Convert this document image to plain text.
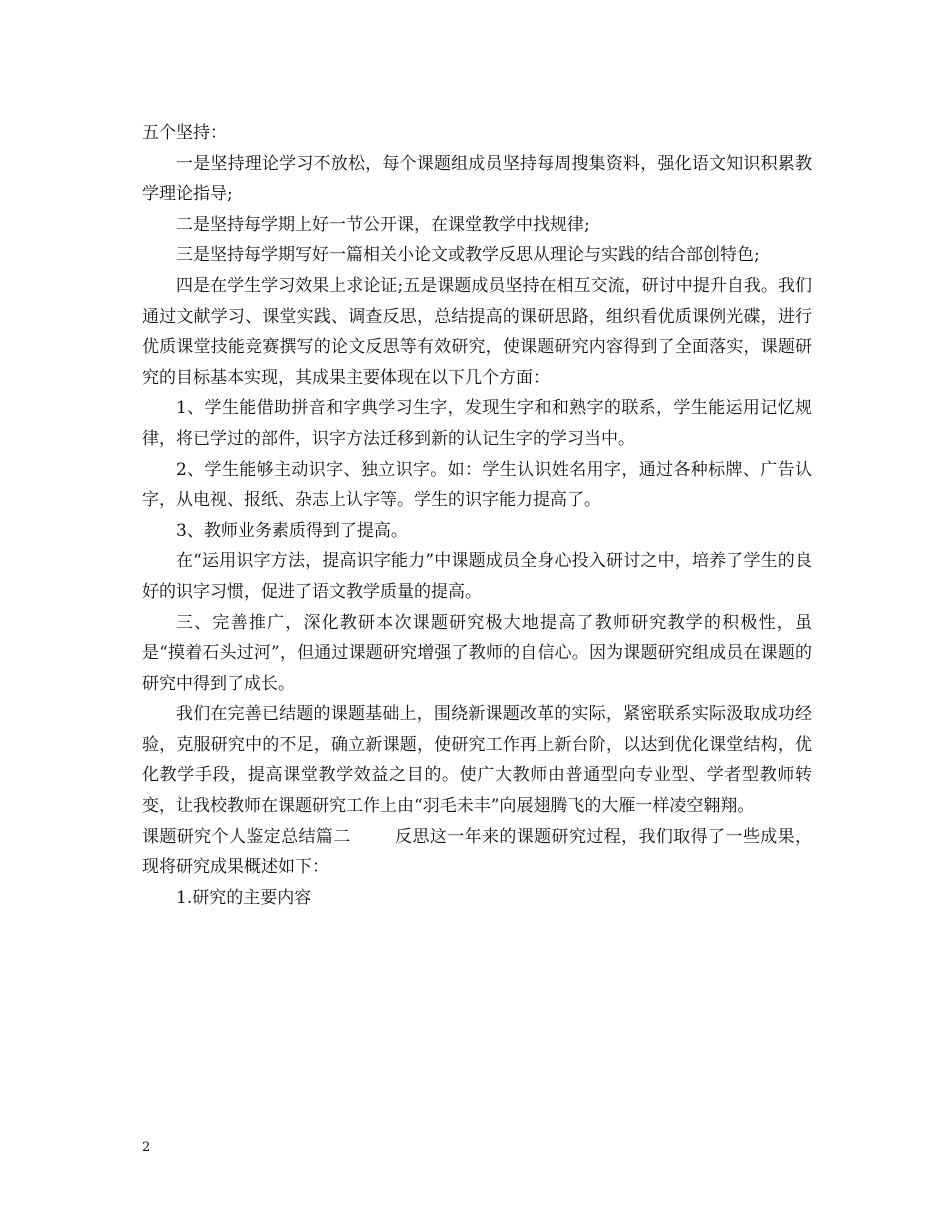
五个坚持：

一是坚持理论学习不放松，每个课题组成员坚持每周搜集资料，强化语文知识积累教学理论指导;

二是坚持每学期上好一节公开课，在课堂教学中找规律;

三是坚持每学期写好一篇相关小论文或教学反思从理论与实践的结合部创特色;

四是在学生学习效果上求论证;五是课题成员坚持在相互交流，研讨中提升自我。我们通过文献学习、课堂实践、调查反思，总结提高的课研思路，组织看优质课例光碟，进行优质课堂技能竞赛撰写的论文反思等有效研究，使课题研究内容得到了全面落实，课题研究的目标基本实现，其成果主要体现在以下几个方面：

1、学生能借助拼音和字典学习生字，发现生字和和熟字的联系，学生能运用记忆规律，将已学过的部件，识字方法迁移到新的认记生字的学习当中。

2、学生能够主动识字、独立识字。如：学生认识姓名用字，通过各种标牌、广告认字，从电视、报纸、杂志上认字等。学生的识字能力提高了。

3、教师业务素质得到了提高。

在“运用识字方法，提高识字能力”中课题成员全身心投入研讨之中，培养了学生的良好的识字习惯，促进了语文教学质量的提高。

三、完善推广，深化教研本次课题研究极大地提高了教师研究教学的积极性，虽是“摸着石头过河”，但通过课题研究增强了教师的自信心。因为课题研究组成员在课题的研究中得到了成长。

我们在完善已结题的课题基础上，围绕新课题改革的实际，紧密联系实际汲取成功经验，克服研究中的不足，确立新课题，使研究工作再上新台阶，以达到优化课堂结构，优化教学手段，提高课堂教学效益之目的。使广大教师由普通型向专业型、学者型教师转变，让我校教师在课题研究工作上由“羽毛未丰”向展翅腾飞的大雁一样凌空翱翔。

课题研究个人鉴定总结篇二	反思这一年来的课题研究过程，我们取得了一些成果，现将研究成果概述如下：

1.研究的主要内容

2
